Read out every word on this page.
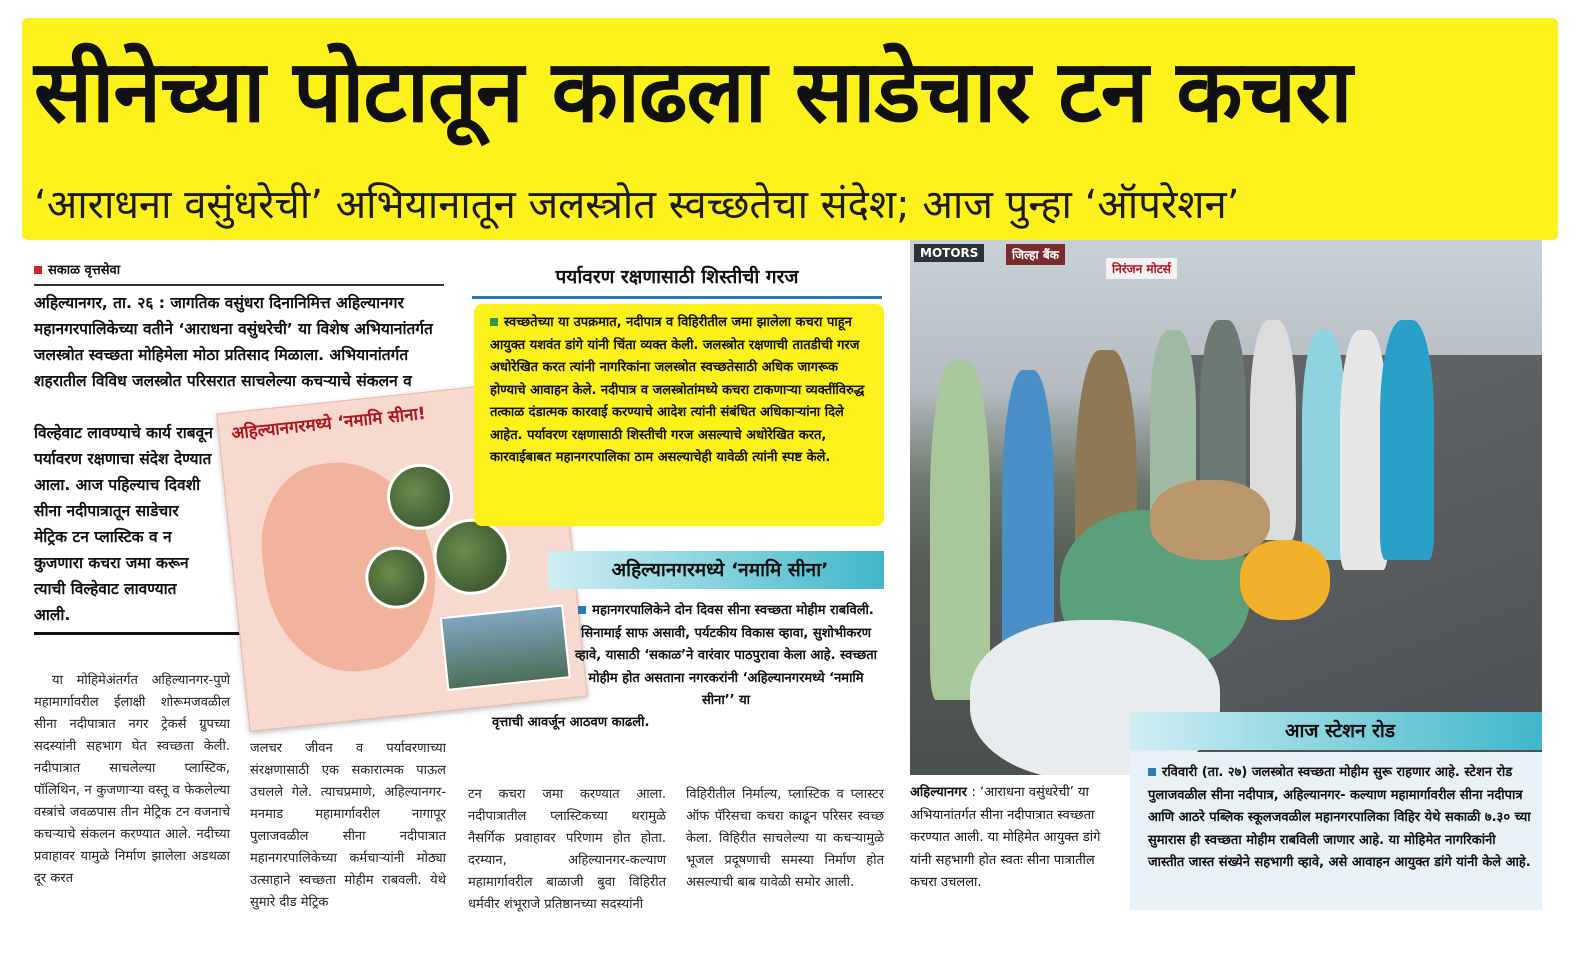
सीनेच्या पोटातून काढला साडेचार टन कचरा
‘आराधना वसुंधरेची’ अभियानातून जलस्त्रोत स्वच्छतेचा संदेश; आज पुन्हा ‘ऑपरेशन’
सकाळ वृत्तसेवा
अहिल्यानगर, ता. २६ : जागतिक वसुंधरा दिनानिमित्त अहिल्यानगर महानगरपालिकेच्या वतीने ‘आराधना वसुंधरेची’ या विशेष अभियानांतर्गत जलस्त्रोत स्वच्छता मोहिमेला मोठा प्रतिसाद मिळाला. अभियानांतर्गत शहरातील विविध जलस्त्रोत परिसरात साचलेल्या कचऱ्याचे संकलन व
विल्हेवाट लावण्याचे कार्य राबवून पर्यावरण रक्षणाचा संदेश देण्यात आला. आज पहिल्याच दिवशी सीना नदीपात्रातून साडेचार मेट्रिक टन प्लास्टिक व न कुजणारा कचरा जमा करून त्याची विल्हेवाट लावण्यात आली.
अहिल्यानगरमध्ये ‘नमामि सीना!
या मोहिमेअंतर्गत अहिल्यानगर-पुणे महामार्गावरील ईलाक्षी शोरूमजवळील सीना नदीपात्रात नगर ट्रेकर्स ग्रुपच्या सदस्यांनी सहभाग घेत स्वच्छता केली. नदीपात्रात साचलेल्या प्लास्टिक, पॉलिथिन, न कुजणाऱ्या वस्तू व फेकलेल्या वस्त्रांचे जवळपास तीन मेट्रिक टन वजनाचे कचऱ्याचे संकलन करण्यात आले. नदीच्या प्रवाहावर यामुळे निर्माण झालेला अडथळा दूर करत
जलचर जीवन व पर्यावरणाच्या संरक्षणासाठी एक सकारात्मक पाऊल उचलले गेले. त्याचप्रमाणे, अहिल्यानगर-मनमाड महामार्गावरील नागापूर पुलाजवळील सीना नदीपात्रात महानगरपालिकेच्या कर्मचाऱ्यांनी मोठ्या उत्साहाने स्वच्छता मोहीम राबवली. येथे सुमारे दीड मेट्रिक
टन कचरा जमा करण्यात आला. नदीपात्रातील प्लास्टिकच्या थरामुळे नैसर्गिक प्रवाहावर परिणाम होत होता. दरम्यान, अहिल्यानगर-कल्याण महामार्गावरील बाळाजी बुवा विहिरीत धर्मवीर शंभूराजे प्रतिष्ठानच्या सदस्यांनी
विहिरीतील निर्माल्य, प्लास्टिक व प्लास्टर ऑफ पॅरिसचा कचरा काढून परिसर स्वच्छ केला. विहिरीत साचलेल्या या कचऱ्यामुळे भूजल प्रदूषणाची समस्या निर्माण होत असल्याची बाब यावेळी समोर आली.
पर्यावरण रक्षणासाठी शिस्तीची गरज
स्वच्छतेच्या या उपक्रमात, नदीपात्र व विहिरीतील जमा झालेला कचरा पाहून आयुक्त यशवंत डांगे यांनी चिंता व्यक्त केली. जलस्त्रोत रक्षणाची तातडीची गरज अधोरेखित करत त्यांनी नागरिकांना जलस्त्रोत स्वच्छतेसाठी अधिक जागरूक होण्याचे आवाहन केले. नदीपात्र व जलस्त्रोतांमध्ये कचरा टाकणाऱ्या व्यक्तींविरुद्ध तत्काळ दंडात्मक कारवाई करण्याचे आदेश त्यांनी संबंधित अधिकाऱ्यांना दिले आहेत. पर्यावरण रक्षणासाठी शिस्तीची गरज असल्याचे अधोरेखित करत, कारवाईबाबत महानगरपालिका ठाम असल्याचेही यावेळी त्यांनी स्पष्ट केले.
अहिल्यानगरमध्ये ‘नमामि सीना’
महानगरपालिकेने दोन दिवस सीना स्वच्छता मोहीम राबविली. सिनामाई साफ असावी, पर्यटकीय विकास व्हावा, सुशोभीकरण व्हावे, यासाठी ‘सकाळ’ने वारंवार पाठपुरावा केला आहे. स्वच्छता मोहीम होत असताना नगरकरांनी ‘अहिल्यानगरमध्ये ‘नमामि सीना’’ या
वृत्ताची आवर्जून आठवण काढली.
MOTORS	जिल्हा बैंक
निरंजन मोटर्स
अहिल्यानगर : ‘आराधना वसुंधरेची’ या अभियानांतर्गत सीना नदीपात्रात स्वच्छता करण्यात आली. या मोहिमेत आयुक्त डांगे यांनी सहभागी होत स्वतः सीना पात्रातील कचरा उचलला.
आज स्टेशन रोड
रविवारी (ता. २७) जलस्त्रोत स्वच्छता मोहीम सुरू राहणार आहे. स्टेशन रोड पुलाजवळील सीना नदीपात्र, अहिल्यानगर- कल्याण महामार्गावरील सीना नदीपात्र आणि आठरे पब्लिक स्कूलजवळील महानगरपालिका विहिर येथे सकाळी ७.३० च्या सुमारास ही स्वच्छता मोहीम राबविली जाणार आहे. या मोहिमेत नागरिकांनी जास्तीत जास्त संख्येने सहभागी व्हावे, असे आवाहन आयुक्त डांगे यांनी केले आहे.
